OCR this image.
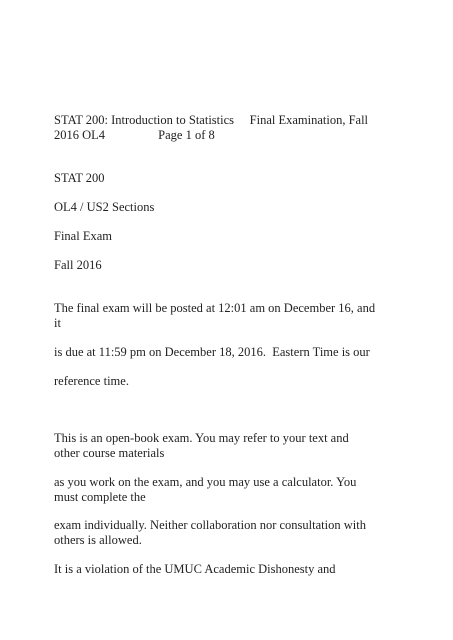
STAT 200: Introduction to Statistics     Final Examination, Fall

2016 OL4                 Page 1 of 8

STAT 200

OL4 / US2 Sections

Final Exam

Fall 2016

The final exam will be posted at 12:01 am on December 16, and

it

is due at 11:59 pm on December 18, 2016.  Eastern Time is our

reference time.

This is an open-book exam. You may refer to your text and

other course materials

as you work on the exam, and you may use a calculator. You

must complete the

exam individually. Neither collaboration nor consultation with

others is allowed.

It is a violation of the UMUC Academic Dishonesty and
